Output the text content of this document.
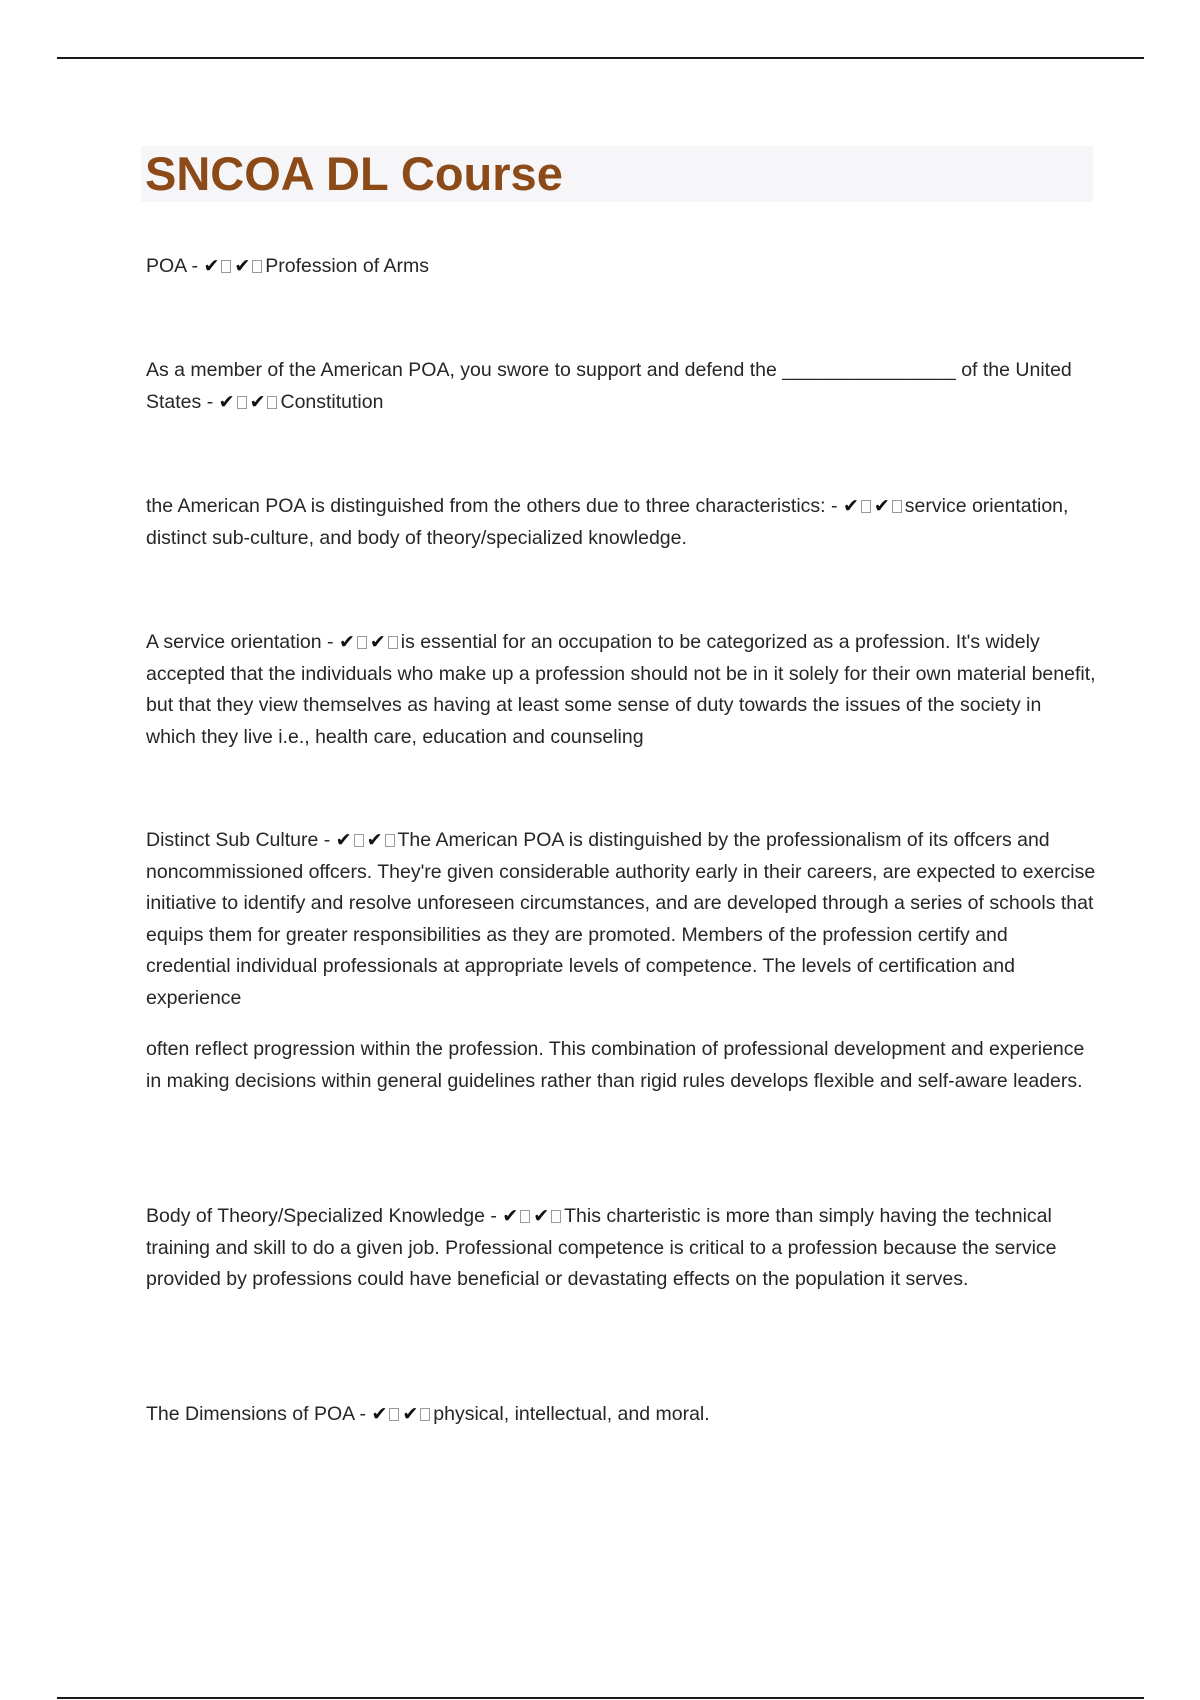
SNCOA DL Course

POA - ✔ ✔ Profession of Arms

As a member of the American POA, you swore to support and defend the ________________ of the United States - ✔ ✔ Constitution

the American POA is distinguished from the others due to three characteristics: - ✔ ✔ service orientation, distinct sub-culture, and body of theory/specialized knowledge.

A service orientation - ✔ ✔ is essential for an occupation to be categorized as a profession. It's widely accepted that the individuals who make up a profession should not be in it solely for their own material benefit, but that they view themselves as having at least some sense of duty towards the issues of the society in which they live i.e., health care, education and counseling

Distinct Sub Culture - ✔ ✔ The American POA is distinguished by the professionalism of its offcers and noncommissioned offcers. They're given considerable authority early in their careers, are expected to exercise initiative to identify and resolve unforeseen circumstances, and are developed through a series of schools that equips them for greater responsibilities as they are promoted. Members of the profession certify and credential individual professionals at appropriate levels of competence. The levels of certification and experience

often reflect progression within the profession. This combination of professional development and experience in making decisions within general guidelines rather than rigid rules develops flexible and self-aware leaders.

Body of Theory/Specialized Knowledge - ✔ ✔ This charteristic is more than simply having the technical training and skill to do a given job. Professional competence is critical to a profession because the service provided by professions could have beneficial or devastating effects on the population it serves.

The Dimensions of POA - ✔ ✔ physical, intellectual, and moral.
